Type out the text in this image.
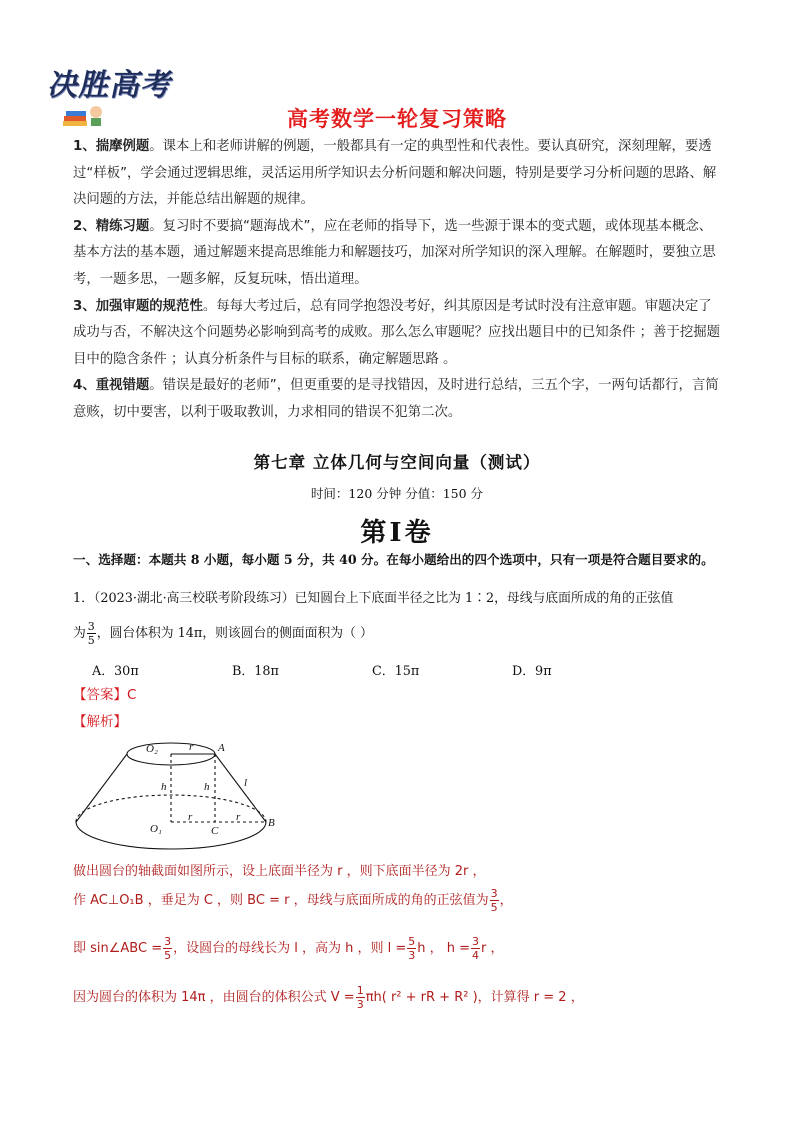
决胜高考
高考数学一轮复习策略

1、揣摩例题。课本上和老师讲解的例题，一般都具有一定的典型性和代表性。要认真研究，深刻理解，要透过“样板”，学会通过逻辑思维，灵活运用所学知识去分析问题和解决问题，特别是要学习分析问题的思路、解决问题的方法，并能总结出解题的规律。

2、精练习题。复习时不要搞“题海战术”，应在老师的指导下，选一些源于课本的变式题，或体现基本概念、基本方法的基本题，通过解题来提高思维能力和解题技巧，加深对所学知识的深入理解。在解题时，要独立思考，一题多思，一题多解，反复玩味，悟出道理。

3、加强审题的规范性。每每大考过后，总有同学抱怨没考好，纠其原因是考试时没有注意审题。审题决定了成功与否，不解决这个问题势必影响到高考的成败。那么怎么审题呢？应找出题目中的已知条件 ；善于挖掘题目中的隐含条件 ；认真分析条件与目标的联系，确定解题思路 。

4、重视错题。错误是最好的老师”，但更重要的是寻找错因，及时进行总结，三五个字，一两句话都行，言简意赅，切中要害，以利于吸取教训，力求相同的错误不犯第二次。

第七章 立体几何与空间向量（测试）
时间：120 分钟 分值：150 分
第Ⅰ卷
一、选择题：本题共 8 小题，每小题 5 分，共 40 分。在每小题给出的四个选项中，只有一项是符合题目要求的。
1．（2023·湖北·高三校联考阶段练习）已知圆台上下底面半径之比为 1∶2，母线与底面所成的角的正弦值
为 $\frac{3}{5}$ ，圆台体积为 14π，则该圆台的侧面面积为（ ）
A．30π	B．18π	C．15π	D．9π
【答案】C
【解析】
O₂	A
r
h	h	l
O₁	C
r	r	B
做出圆台的轴截面如图所示，设上底面半径为 r ，则下底面半径为 2r ，
作 AC⊥O₁B ，垂足为 C ，则 BC = r ，母线与底面所成的角的正弦值为 $\frac{3}{5}$ ，
即 sin∠ABC = $\frac{3}{5}$ ，设圆台的母线长为 l ，高为 h ，则 $l = \frac{5}{3}$ h ， $h = \frac{3}{4}$ r ，
因为圆台的体积为 14π ，由圆台的体积公式 $V = \frac{1}{3} \pi h$( r² + rR + R² )，计算得 r = 2 ，
